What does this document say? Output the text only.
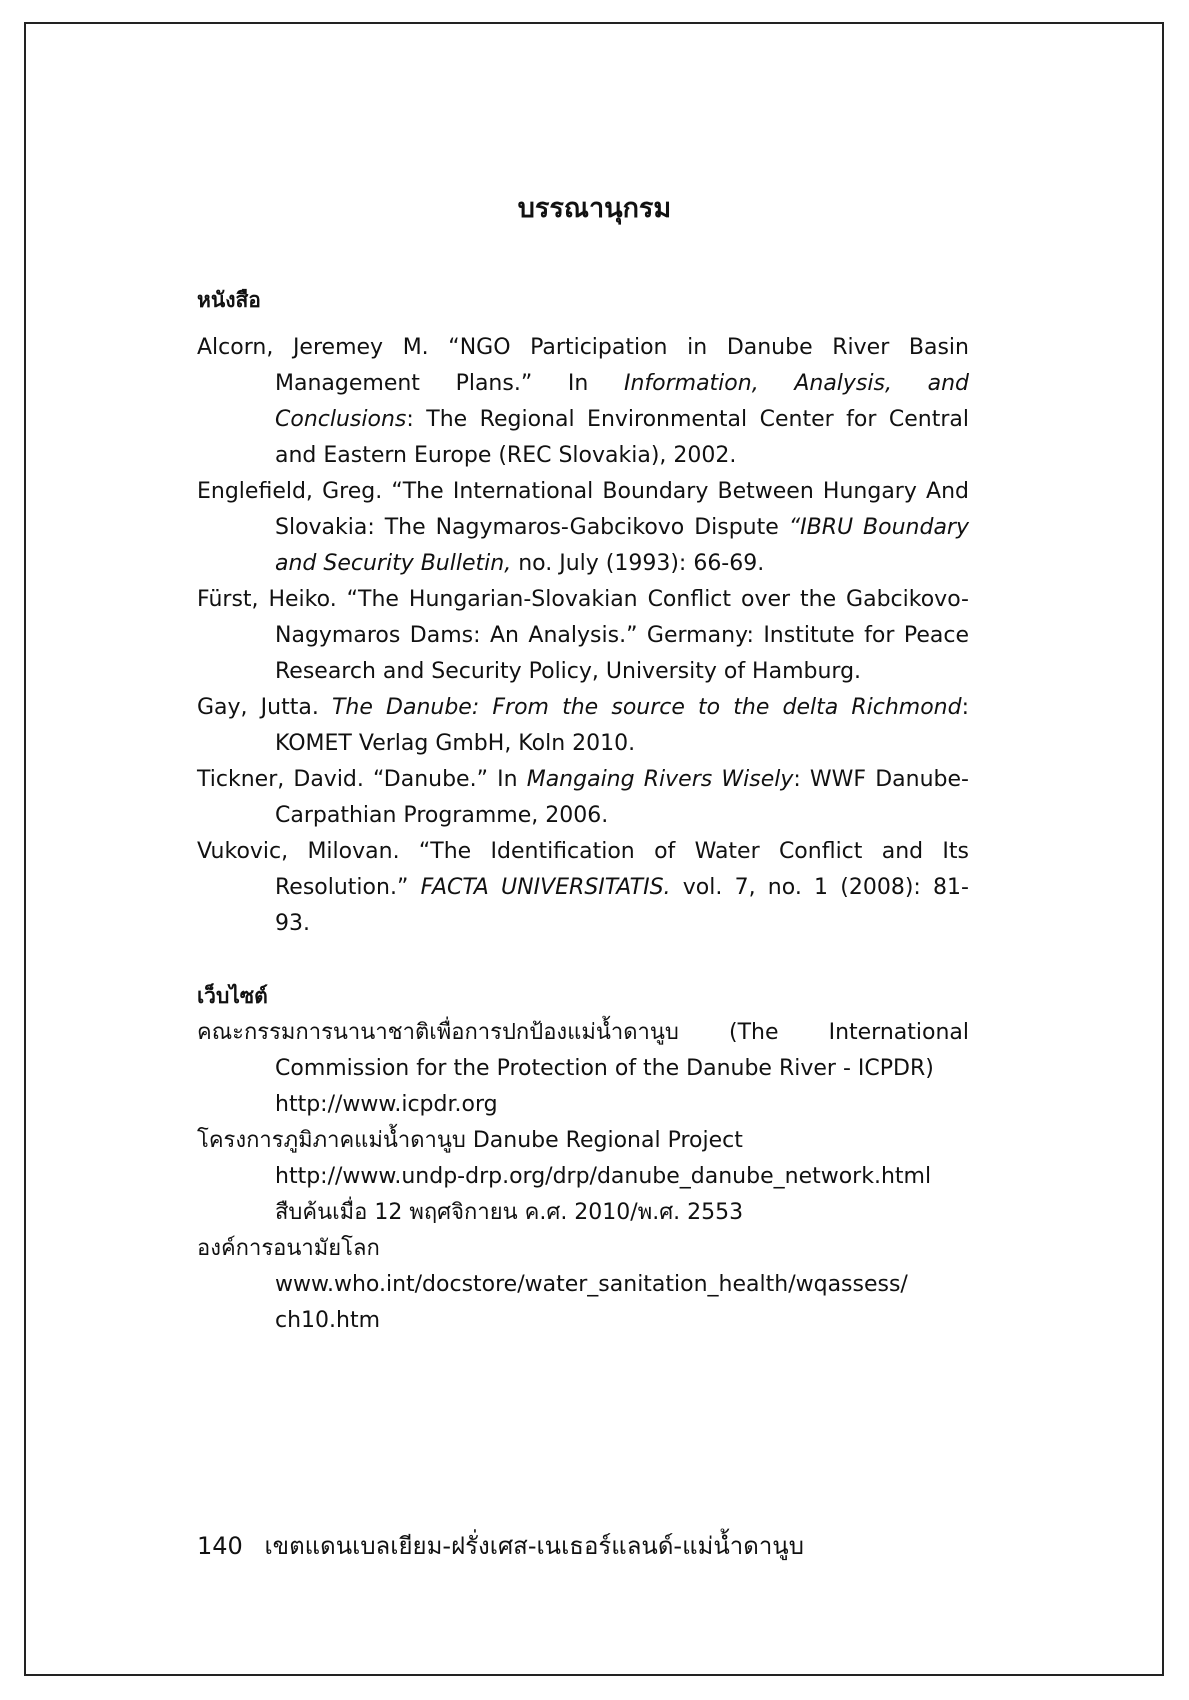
บรรณานุกรม
หนังสือ

Alcorn, Jeremey M. “NGO Participation in Danube River Basin Management Plans.” In Information, Analysis, and Conclusions: The Regional Environmental Center for Central and Eastern Europe (REC Slovakia), 2002.

Englefield, Greg. “The International Boundary Between Hungary And Slovakia: The Nagymaros-Gabcikovo Dispute “IBRU Boundary and Security Bulletin, no. July (1993): 66-69.

Fürst, Heiko. “The Hungarian-Slovakian Conflict over the Gabcikovo-Nagymaros Dams: An Analysis.” Germany: Institute for Peace Research and Security Policy, University of Hamburg.

Gay, Jutta. The Danube: From the source to the delta Richmond: KOMET Verlag GmbH, Koln 2010.

Tickner, David. “Danube.” In Mangaing Rivers Wisely: WWF Danube-Carpathian Programme, 2006.

Vukovic, Milovan. “The Identification of Water Conflict and Its Resolution.” FACTA UNIVERSITATIS. vol. 7, no. 1 (2008): 81- 93.

เว็บไซต์

คณะกรรมการนานาชาติเพื่อการปกป้องแม่น้ำดานูบ (The International Commission for the Protection of the Danube River - ICPDR)
http://www.icpdr.org

โครงการภูมิภาคแม่น้ำดานูบ Danube Regional Project
http://www.undp-drp.org/drp/danube_danube_network.html
สืบค้นเมื่อ 12 พฤศจิกายน ค.ศ. 2010/พ.ศ. 2553

องค์การอนามัยโลก
www.who.int/docstore/water_sanitation_health/wqassess/ ch10.htm

140 เขตแดนเบลเยียม-ฝรั่งเศส-เนเธอร์แลนด์-แม่น้ำดานูบ
